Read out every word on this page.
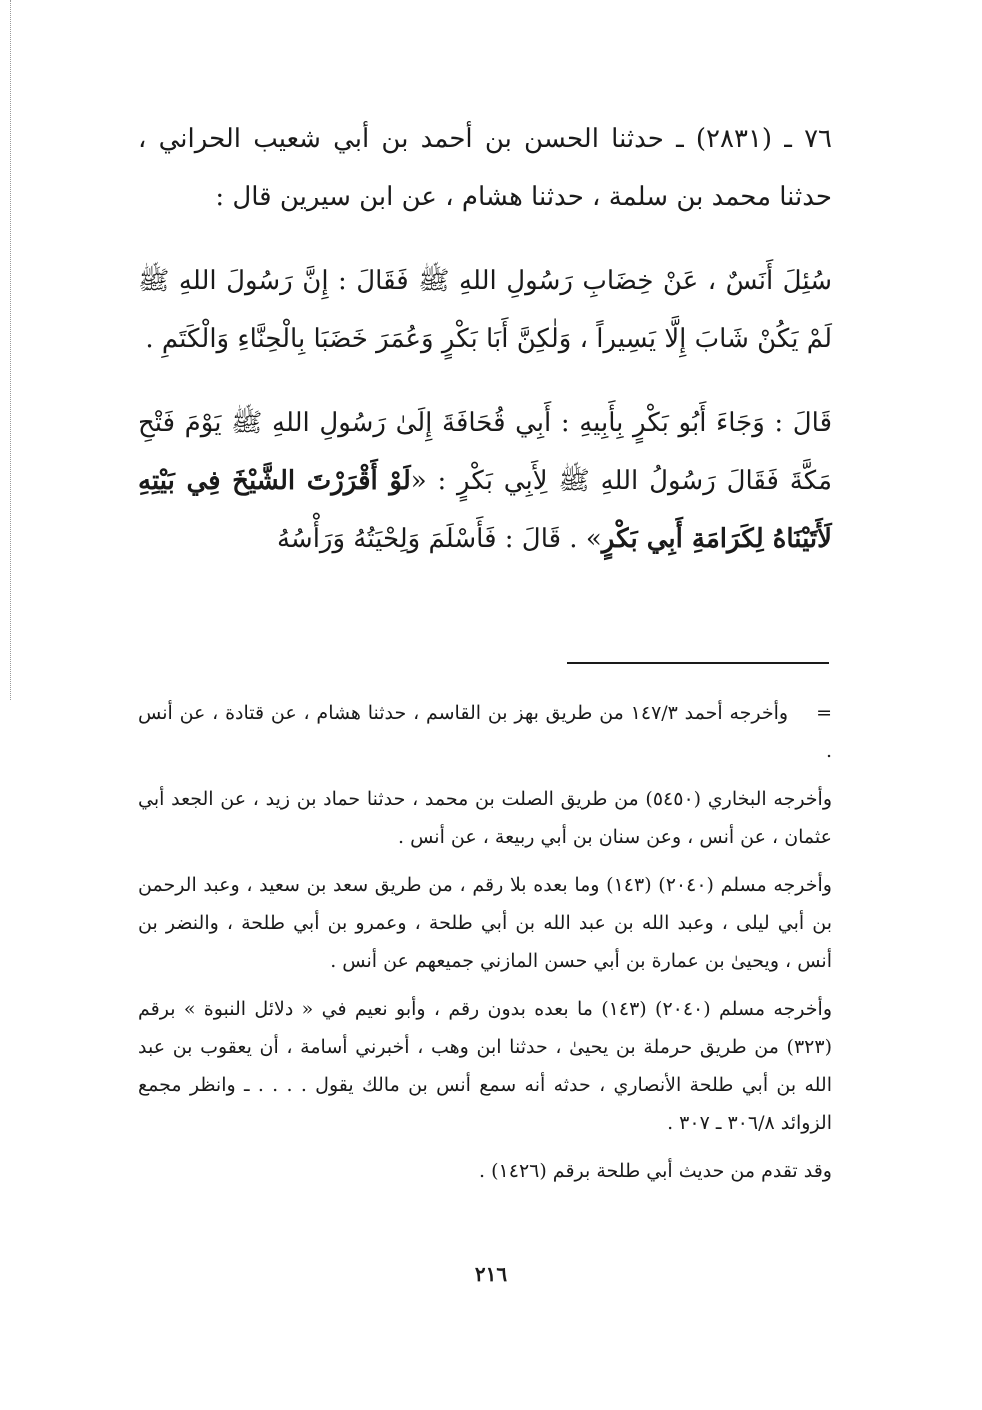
٧٦ ـ (٢٨٣١) ـ حدثنا الحسن بن أحمد بن أبي شعيب الحراني ، حدثنا محمد بن سلمة ، حدثنا هشام ، عن ابن سيرين قال :

سُئِلَ أَنَسٌ ، عَنْ خِضَابِ رَسُولِ اللهِ ﷺ فَقَالَ : إِنَّ رَسُولَ اللهِ ﷺ لَمْ يَكُنْ شَابَ إِلَّا يَسِيراً ، وَلٰكِنَّ أَبَا بَكْرٍ وَعُمَرَ خَضَبَا بِالْحِنَّاءِ وَالْكَتَمِ .

قَالَ : وَجَاءَ أَبُو بَكْرٍ بِأَبِيهِ : أَبِي قُحَافَةَ إِلَىٰ رَسُولِ اللهِ ﷺ يَوْمَ فَتْحِ مَكَّةَ فَقَالَ رَسُولُ اللهِ ﷺ لِأَبِي بَكْرٍ : «لَوْ أَقْرَرْتَ الشَّيْخَ فِي بَيْتِهِ لَأَتَيْنَاهُ لِكَرَامَةِ أَبِي بَكْرٍ» . قَالَ : فَأَسْلَمَ وَلِحْيَتُهُ وَرَأْسُهُ

=وأخرجه أحمد ١٤٧/٣ من طريق بهز بن القاسم ، حدثنا هشام ، عن قتادة ، عن أنس .

وأخرجه البخاري (٥٤٥٠) من طريق الصلت بن محمد ، حدثنا حماد بن زيد ، عن الجعد أبي عثمان ، عن أنس ، وعن سنان بن أبي ربيعة ، عن أنس .

وأخرجه مسلم (٢٠٤٠) (١٤٣) وما بعده بلا رقم ، من طريق سعد بن سعيد ، وعبد الرحمن بن أبي ليلى ، وعبد الله بن عبد الله بن أبي طلحة ، وعمرو بن أبي طلحة ، والنضر بن أنس ، ويحيىٰ بن عمارة بن أبي حسن المازني جميعهم عن أنس .

وأخرجه مسلم (٢٠٤٠) (١٤٣) ما بعده بدون رقم ، وأبو نعيم في « دلائل النبوة » برقم (٣٢٣) من طريق حرملة بن يحيىٰ ، حدثنا ابن وهب ، أخبرني أسامة ، أن يعقوب بن عبد الله بن أبي طلحة الأنصاري ، حدثه أنه سمع أنس بن مالك يقول . . . . ـ وانظر مجمع الزوائد ٣٠٦/٨ ـ ٣٠٧ .

وقد تقدم من حديث أبي طلحة برقم (١٤٢٦) .

٢١٦
